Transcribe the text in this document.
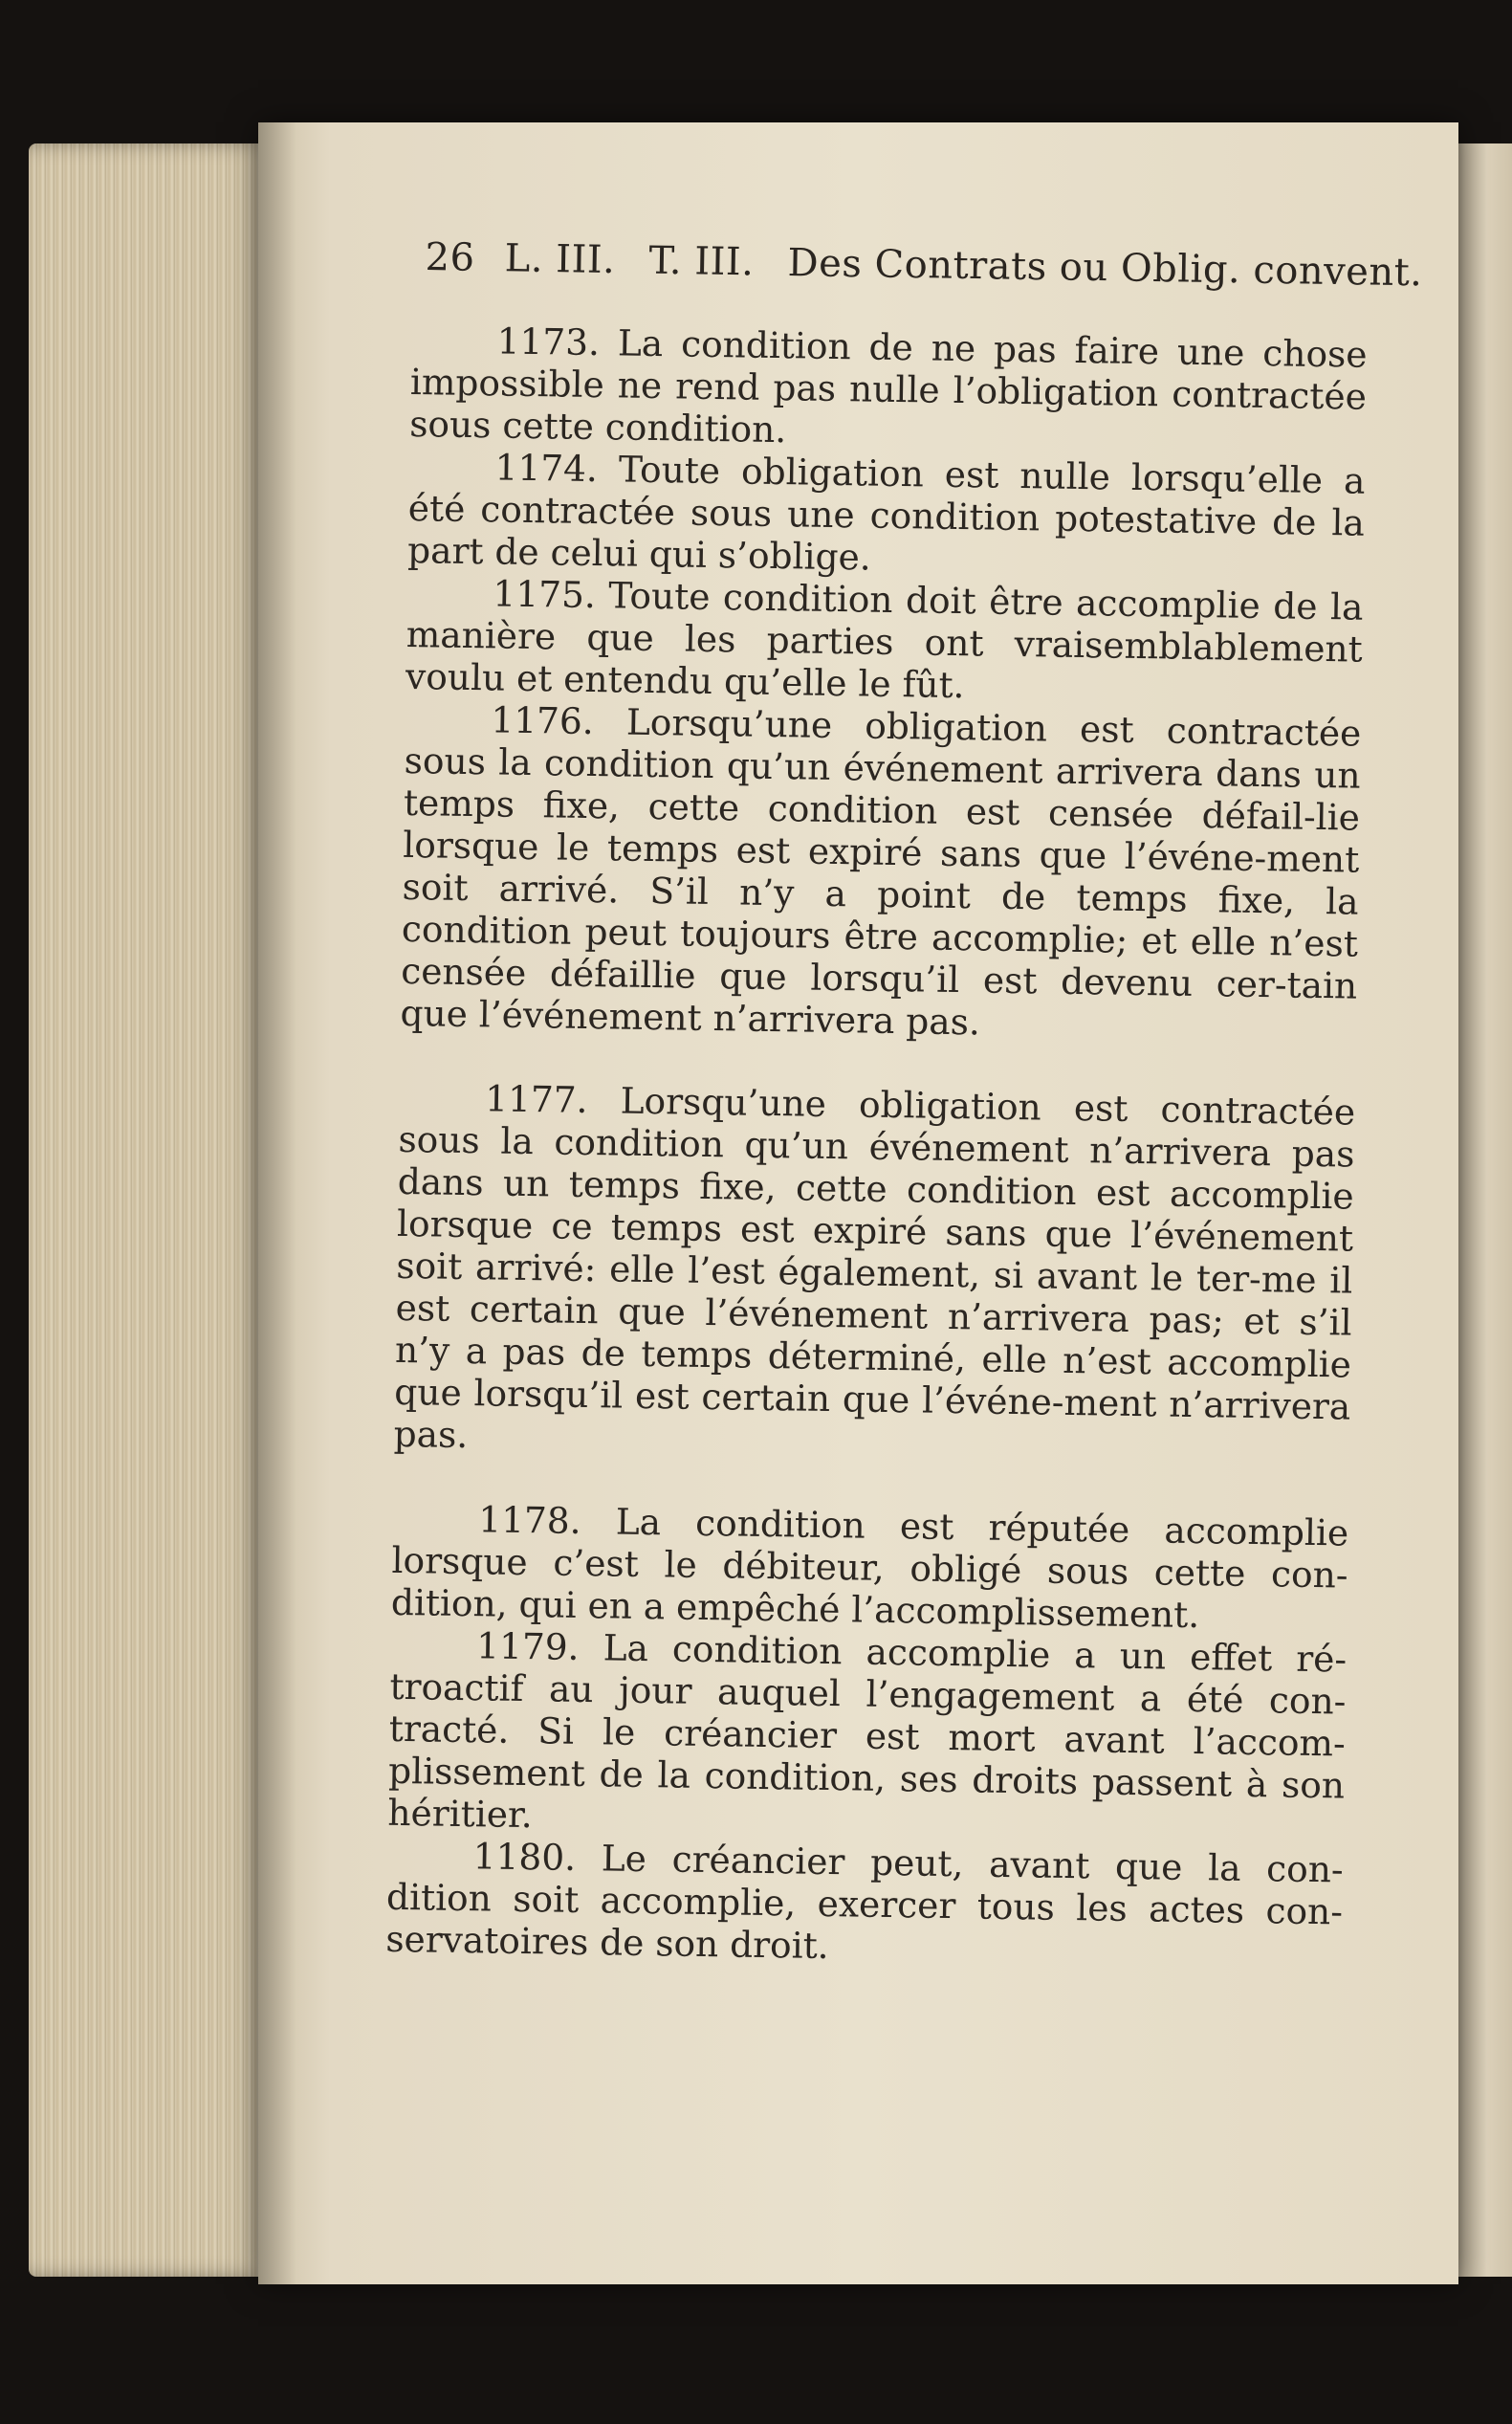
26 L. III. T. III. Des Contrats ou Oblig. convent.

1173. La condition de ne pas faire une chose impossible ne rend pas nulle l’obligation contractée sous cette condition.

1174. Toute obligation est nulle lorsqu’elle a été contractée sous une condition potestative de la part de celui qui s’oblige.

1175. Toute condition doit être accomplie de la manière que les parties ont vraisemblablement voulu et entendu qu’elle le fût.

1176. Lorsqu’une obligation est contractée sous la condition qu’un événement arrivera dans un temps fixe, cette condition est censée défail-lie lorsque le temps est expiré sans que l’événe-ment soit arrivé. S’il n’y a point de temps fixe, la condition peut toujours être accomplie; et elle n’est censée défaillie que lorsqu’il est devenu cer-tain que l’événement n’arrivera pas.

1177. Lorsqu’une obligation est contractée sous la condition qu’un événement n’arrivera pas dans un temps fixe, cette condition est accomplie lorsque ce temps est expiré sans que l’événement soit arrivé: elle l’est également, si avant le ter-me il est certain que l’événement n’arrivera pas; et s’il n’y a pas de temps déterminé, elle n’est accomplie que lorsqu’il est certain que l’événe-ment n’arrivera pas.

1178. La condition est réputée accomplie lorsque c’est le débiteur, obligé sous cette con-dition, qui en a empêché l’accomplissement.

1179. La condition accomplie a un effet ré-troactif au jour auquel l’engagement a été con-tracté. Si le créancier est mort avant l’accom-plissement de la condition, ses droits passent à son héritier.

1180. Le créancier peut, avant que la con-dition soit accomplie, exercer tous les actes con-servatoires de son droit.
